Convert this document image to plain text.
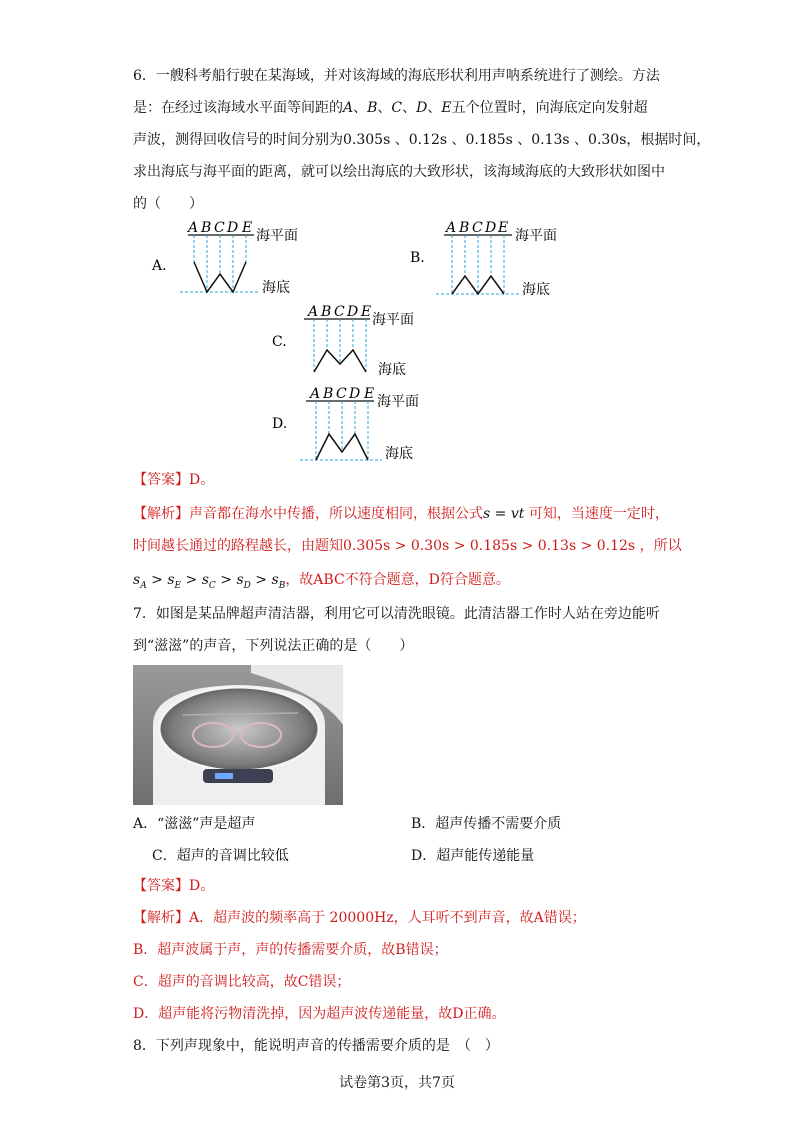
6．一艘科考船行驶在某海域，并对该海域的海底形状利用声呐系统进行了测绘。方法
是：在经过该海域水平面等间距的A、B、C、D、E五个位置时，向海底定向发射超
声波，测得回收信号的时间分别为0.305s 、0.12s 、0.185s 、0.13s 、0.30s，根据时间，
求出海底与海平面的距离，就可以绘出海底的大致形状，该海域海底的大致形状如图中
的（　　）
A.
A B C D E 海平面
海底
B.
A B C D E 海平面
海底
C.
A B C D E 海平面
海底
D.
A B C D E 海平面
海底
【答案】D。
【解析】声音都在海水中传播，所以速度相同，根据公式s = vt 可知，当速度一定时，
时间越长通过的路程越长，由题知0.305s > 0.30s > 0.185s > 0.13s > 0.12s ，所以
$s_A > s_E > s_C > s_D > s_B$，故ABC不符合题意，D符合题意。
7．如图是某品牌超声清洁器，利用它可以清洗眼镜。此清洁器工作时人站在旁边能听
到“滋滋”的声音，下列说法正确的是（　　）
A．“滋滋”声是超声	B．超声传播不需要介质
C．超声的音调比较低	D．超声能传递能量
【答案】D。
【解析】A．超声波的频率高于 20000Hz，人耳听不到声音，故A错误；
B．超声波属于声，声的传播需要介质，故B错误；
C．超声的音调比较高，故C错误；
D．超声能将污物清洗掉，因为超声波传递能量，故D正确。
8．下列声现象中，能说明声音的传播需要介质的是　（　）
试卷第3页，共7页
